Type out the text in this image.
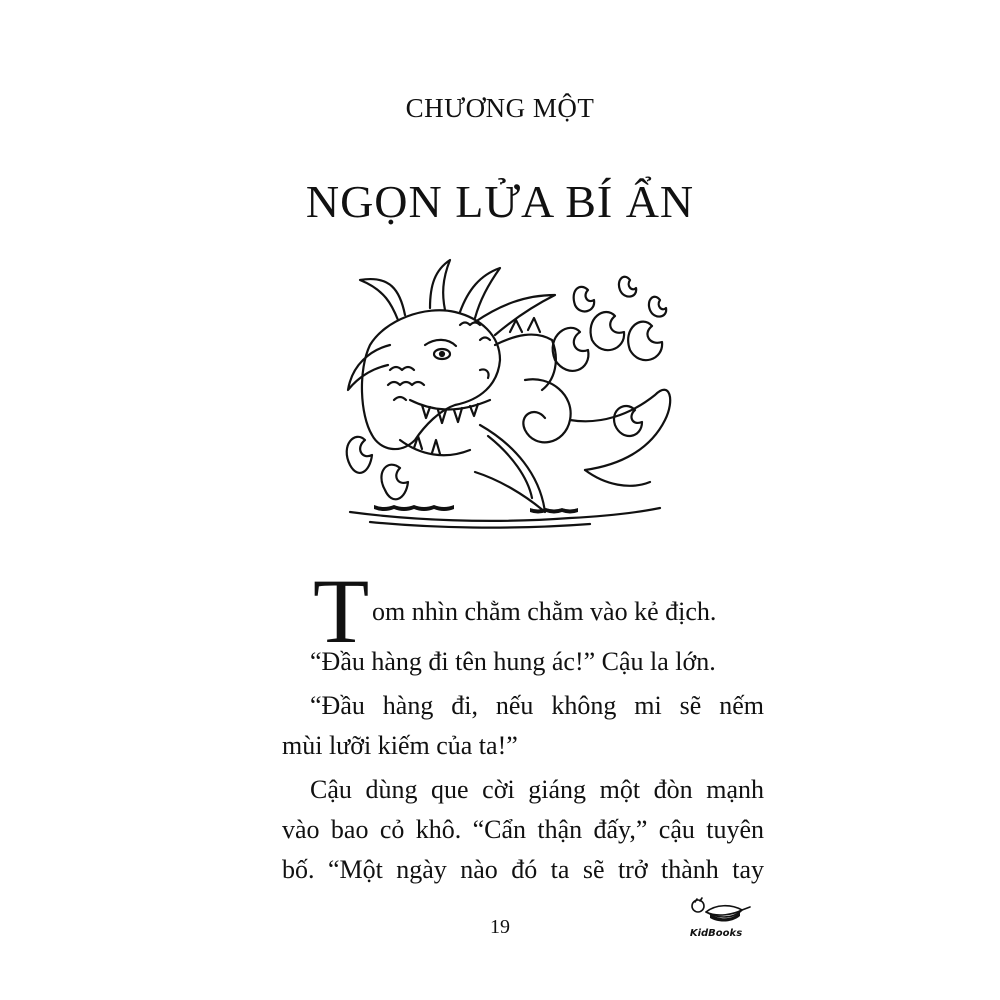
CHƯƠNG MỘT
NGỌN LỬA BÍ ẨN
T om nhìn chằm chằm vào kẻ địch.

“Đầu hàng đi tên hung ác!” Cậu la lớn.

“Đầu hàng đi, nếu không mi sẽ nếm

mùi lưỡi kiếm của ta!”

Cậu dùng que cời giáng một đòn mạnh

vào bao cỏ khô. “Cẩn thận đấy,” cậu tuyên

bố. “Một ngày nào đó ta sẽ trở thành tay

19	KidBooks
